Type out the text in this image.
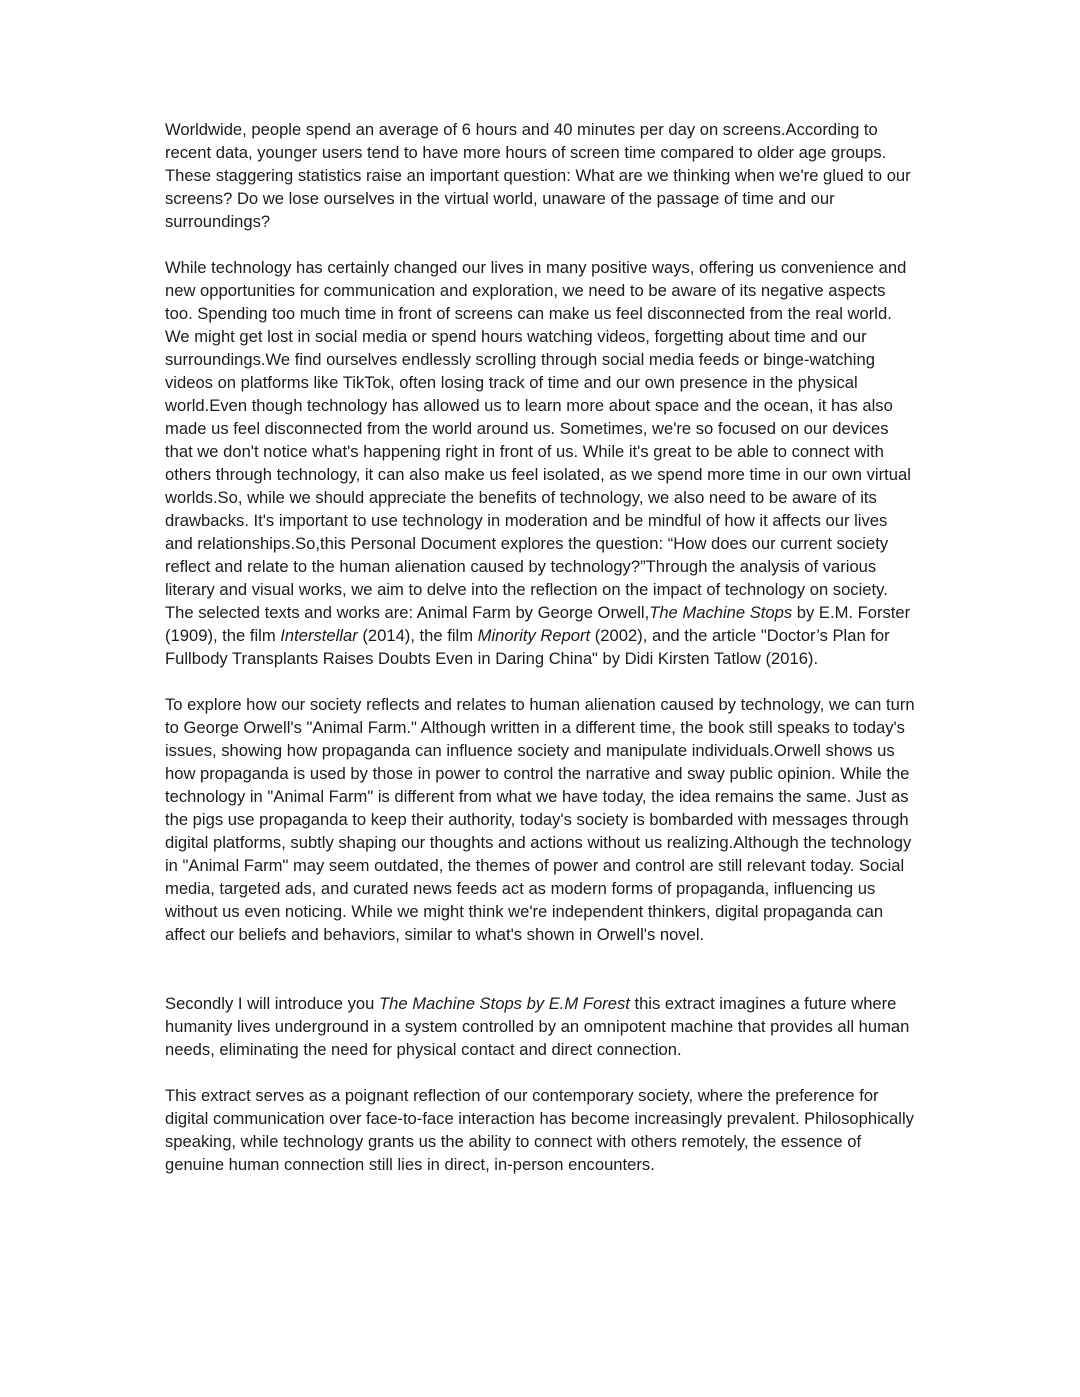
Worldwide, people spend an average of 6 hours and 40 minutes per day on screens.According to recent data, younger users tend to have more hours of screen time compared to older age groups. These staggering statistics raise an important question: What are we thinking when we're glued to our screens? Do we lose ourselves in the virtual world, unaware of the passage of time and our surroundings?

While technology has certainly changed our lives in many positive ways, offering us convenience and new opportunities for communication and exploration, we need to be aware of its negative aspects too. Spending too much time in front of screens can make us feel disconnected from the real world. We might get lost in social media or spend hours watching videos, forgetting about time and our surroundings.We find ourselves endlessly scrolling through social media feeds or binge-watching videos on platforms like TikTok, often losing track of time and our own presence in the physical world.Even though technology has allowed us to learn more about space and the ocean, it has also made us feel disconnected from the world around us. Sometimes, we're so focused on our devices that we don't notice what's happening right in front of us. While it's great to be able to connect with others through technology, it can also make us feel isolated, as we spend more time in our own virtual worlds.So, while we should appreciate the benefits of technology, we also need to be aware of its drawbacks. It's important to use technology in moderation and be mindful of how it affects our lives and relationships.So,this Personal Document explores the question: “How does our current society reflect and relate to the human alienation caused by technology?”Through the analysis of various literary and visual works, we aim to delve into the reflection on the impact of technology on society. The selected texts and works are: Animal Farm by George Orwell,The Machine Stops by E.M. Forster (1909), the film Interstellar (2014), the film Minority Report (2002), and the article "Doctor’s Plan for Fullbody Transplants Raises Doubts Even in Daring China" by Didi Kirsten Tatlow (2016).

To explore how our society reflects and relates to human alienation caused by technology, we can turn to George Orwell's "Animal Farm." Although written in a different time, the book still speaks to today's issues, showing how propaganda can influence society and manipulate individuals.Orwell shows us how propaganda is used by those in power to control the narrative and sway public opinion. While the technology in "Animal Farm" is different from what we have today, the idea remains the same. Just as the pigs use propaganda to keep their authority, today's society is bombarded with messages through digital platforms, subtly shaping our thoughts and actions without us realizing.Although the technology in "Animal Farm" may seem outdated, the themes of power and control are still relevant today. Social media, targeted ads, and curated news feeds act as modern forms of propaganda, influencing us without us even noticing. While we might think we're independent thinkers, digital propaganda can affect our beliefs and behaviors, similar to what's shown in Orwell's novel.

Secondly I will introduce you The Machine Stops by E.M Forest this extract imagines a future where humanity lives underground in a system controlled by an omnipotent machine that provides all human needs, eliminating the need for physical contact and direct connection.

This extract serves as a poignant reflection of our contemporary society, where the preference for digital communication over face-to-face interaction has become increasingly prevalent. Philosophically speaking, while technology grants us the ability to connect with others remotely, the essence of genuine human connection still lies in direct, in-person encounters.
